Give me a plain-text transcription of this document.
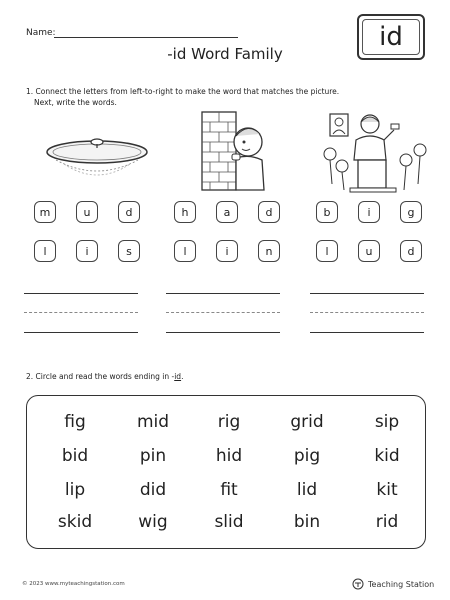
Name:
-id Word Family
id
1. Connect the letters from left-to-right to make the word that matches the picture.
Next, write the words.
m	u	d
l	i	s
h	a	d
l	i	n
b	i	g
l	u	d
2. Circle and read the words ending in -id.
fig	mid	rig	grid	sip
bid	pin	hid	pig	kid
lip	did	fit	lid	kit
skid	wig	slid	bin	rid
© 2023 www.myteachingstation.com	Teaching Station
